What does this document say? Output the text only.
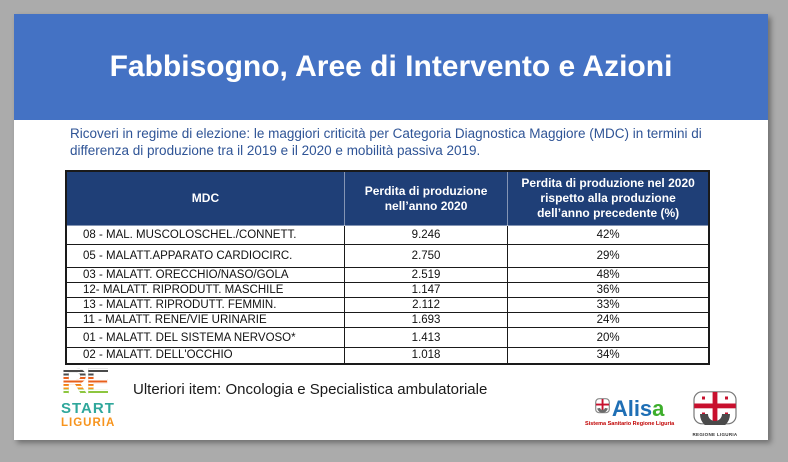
Fabbisogno, Aree di Intervento e Azioni

Ricoveri in regime di elezione: le maggiori criticità per Categoria Diagnostica Maggiore (MDC) in termini di differenza di produzione tra il 2019 e il 2020 e mobilità passiva 2019.

MDC	Perdita di produzione nell’anno 2020	Perdita di produzione nel 2020 rispetto alla produzione dell’anno precedente (%)
08 - MAL. MUSCOLOSCHEL./CONNETT.	9.246	42%
05 - MALATT.APPARATO CARDIOCIRC.	2.750	29%
03 - MALATT. ORECCHIO/NASO/GOLA	2.519	48%
12- MALATT. RIPRODUTT. MASCHILE	1.147	36%
13 - MALATT. RIPRODUTT. FEMMIN.	2.112	33%
11 - MALATT. RENE/VIE URINARIE	1.693	24%
01 - MALATT. DEL SISTEMA NERVOSO*	1.413	20%
02 - MALATT. DELL'OCCHIO	1.018	34%
RE
START
LIGURIA
Ulteriori item: Oncologia e Specialistica ambulatoriale
Alisa
Sistema Sanitario Regione Liguria
REGIONE LIGURIA
